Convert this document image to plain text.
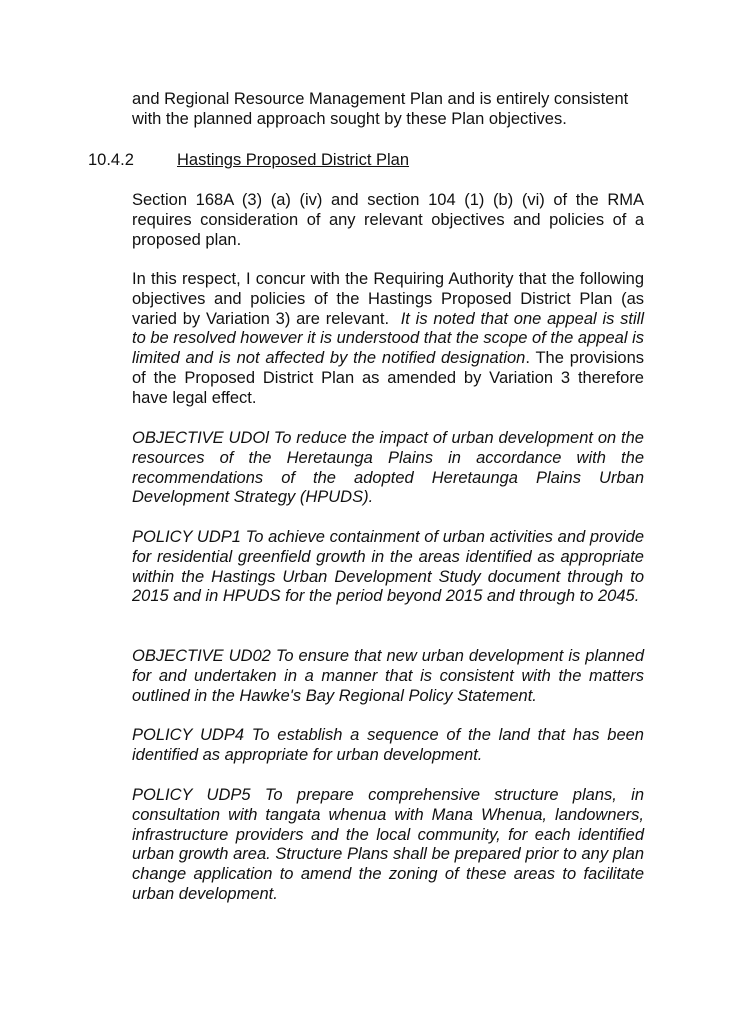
and Regional Resource Management Plan and is entirely consistent
with the planned approach sought by these Plan objectives.

10.4.2	Hastings Proposed District Plan

Section 168A (3) (a) (iv) and section 104 (1) (b) (vi) of the RMA requires consideration of any relevant objectives and policies of a proposed plan.

In this respect, I concur with the Requiring Authority that the following objectives and policies of the Hastings Proposed District Plan (as varied by Variation 3) are relevant. It is noted that one appeal is still to be resolved however it is understood that the scope of the appeal is limited and is not affected by the notified designation. The provisions of the Proposed District Plan as amended by Variation 3 therefore have legal effect.

OBJECTIVE UDOl To reduce the impact of urban development on the resources of the Heretaunga Plains in accordance with the recommendations of the adopted Heretaunga Plains Urban Development Strategy (HPUDS).

POLICY UDP1 To achieve containment of urban activities and provide for residential greenfield growth in the areas identified as appropriate within the Hastings Urban Development Study document through to 2015 and in HPUDS for the period beyond 2015 and through to 2045.

OBJECTIVE UD02 To ensure that new urban development is planned for and undertaken in a manner that is consistent with the matters outlined in the Hawke's Bay Regional Policy Statement.

POLICY UDP4 To establish a sequence of the land that has been identified as appropriate for urban development.

POLICY UDP5 To prepare comprehensive structure plans, in consultation with tangata whenua with Mana Whenua, landowners, infrastructure providers and the local community, for each identified urban growth area. Structure Plans shall be prepared prior to any plan change application to amend the zoning of these areas to facilitate urban development.
